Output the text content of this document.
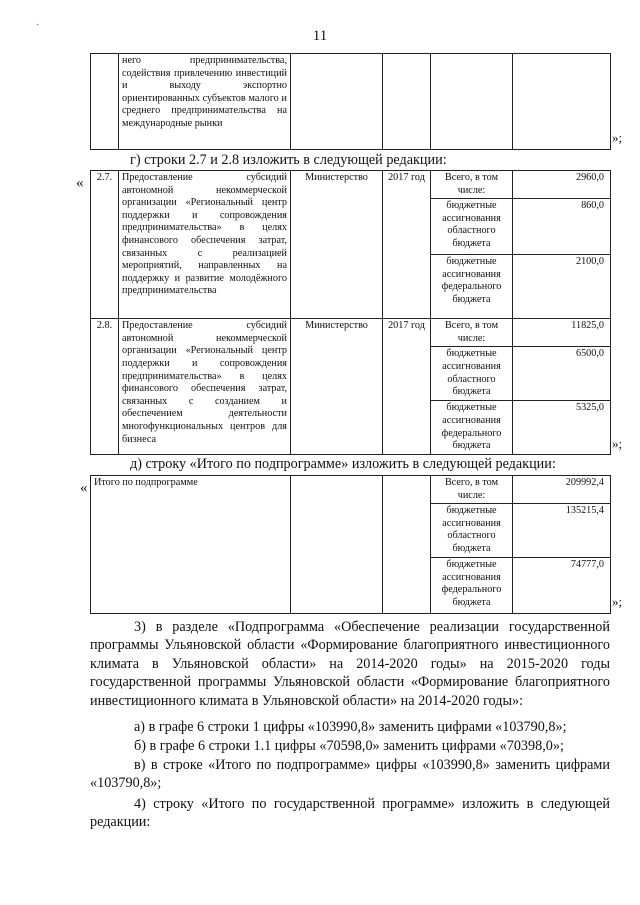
·
11
	него предпринимательства, содействия привлечению инвестиций и выходу экспортно ориентированных субъектов малого и среднего предпринимательства на международные рынки				
»;
г) строки 2.7 и 2.8 изложить в следующей редакции:
« 2.7.	Предоставление субсидий автономной некоммерческой организации «Региональный центр поддержки и сопровождения предпринимательства» в целях финансового обеспечения затрат, связанных с реализацией мероприятий, направленных на поддержку и развитие молодёжного предпринимательства	Министерство	2017 год	Всего, в том числе:	2960,0
				бюджетные ассигнования областного бюджета	860,0
				бюджетные ассигнования федерального бюджета	2100,0
2.8.	Предоставление субсидий автономной некоммерческой организации «Региональный центр поддержки и сопровождения предпринимательства» в целях финансового обеспечения затрат, связанных с созданием и обеспечением деятельности многофункциональных центров для бизнеса	Министерство	2017 год	Всего, в том числе:	11825,0
				бюджетные ассигнования областного бюджета	6500,0
				бюджетные ассигнования федерального бюджета	5325,0
»;
д) строку «Итого по подпрограмме» изложить в следующей редакции:
« Итого по подпрограмме			Всего, в том числе:	209992,4
			бюджетные ассигнования областного бюджета	135215,4
			бюджетные ассигнования федерального бюджета	74777,0
»;
3) в разделе «Подпрограмма «Обеспечение реализации государственной программы Ульяновской области «Формирование благоприятного инвестиционного климата в Ульяновской области» на 2014-2020 годы» на 2015-2020 годы государственной программы Ульяновской области «Формирование благоприятного инвестиционного климата в Ульяновской области» на 2014-2020 годы»:
а) в графе 6 строки 1 цифры «103990,8» заменить цифрами «103790,8»;
б) в графе 6 строки 1.1 цифры «70598,0» заменить цифрами «70398,0»;
в) в строке «Итого по подпрограмме» цифры «103990,8» заменить цифрами «103790,8»;
4) строку «Итого по государственной программе» изложить в следующей редакции:
